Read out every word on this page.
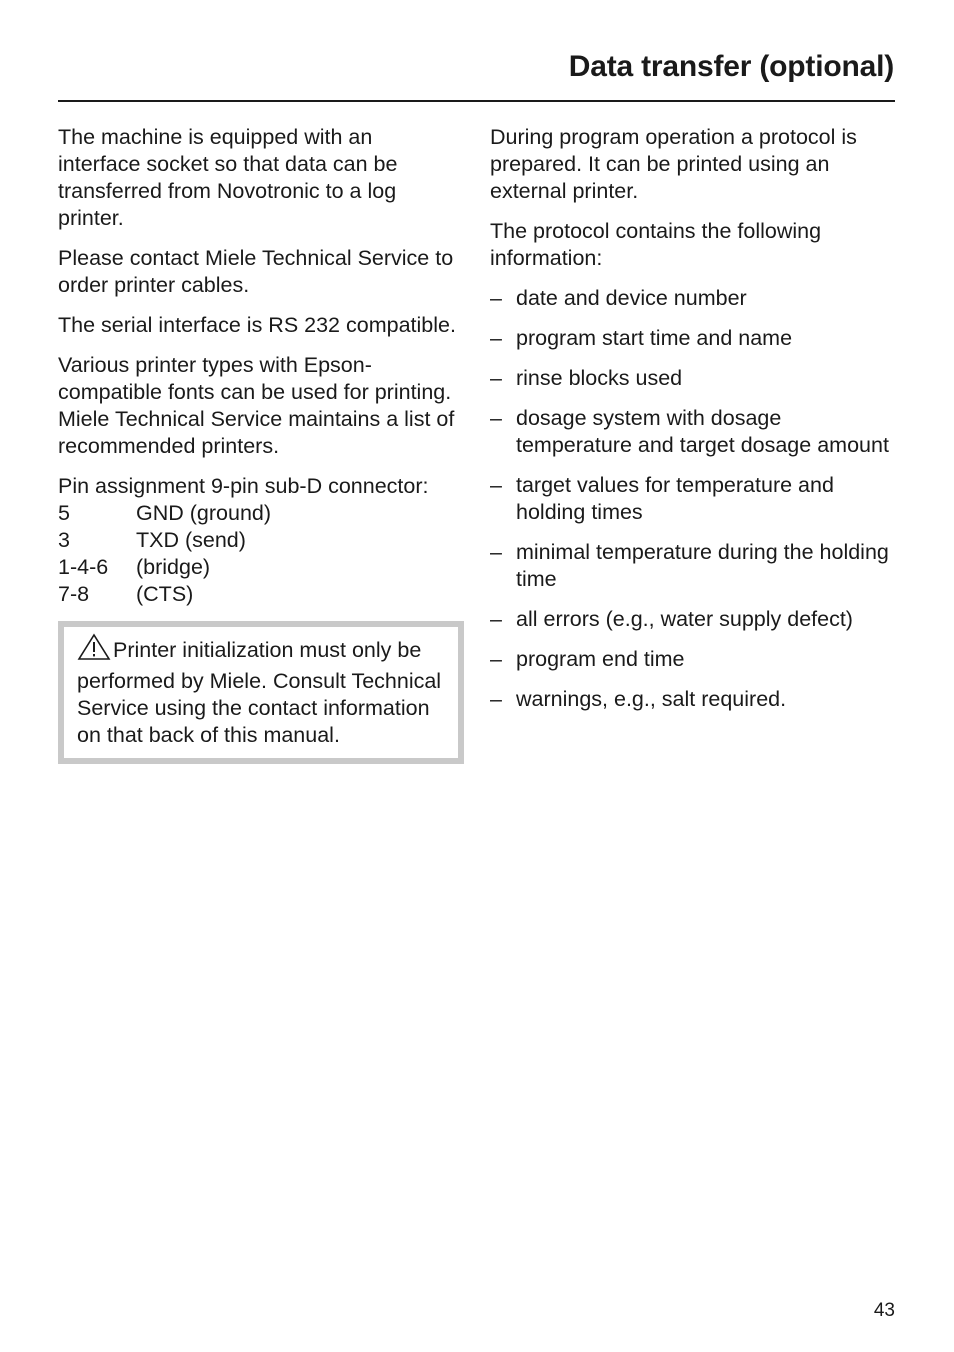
Data transfer (optional)

The machine is equipped with an interface socket so that data can be transferred from Novotronic to a log printer.

Please contact Miele Technical Service to order printer cables.

The serial interface is RS 232 compatible.

Various printer types with Epson-compatible fonts can be used for printing.
Miele Technical Service maintains a list of recommended printers.

Pin assignment 9-pin sub-D connector:
5	GND (ground)
3	TXD (send)
1-4-6	(bridge)
7-8	(CTS)
Printer initialization must only be performed by Miele. Consult Technical Service using the contact information on that back of this manual.

During program operation a protocol is prepared. It can be printed using an external printer.

The protocol contains the following information:

– date and device number
– program start time and name
– rinse blocks used
– dosage system with dosage temperature and target dosage amount
– target values for temperature and holding times
– minimal temperature during the holding time
– all errors (e.g., water supply defect)
– program end time
– warnings, e.g., salt required.
43
